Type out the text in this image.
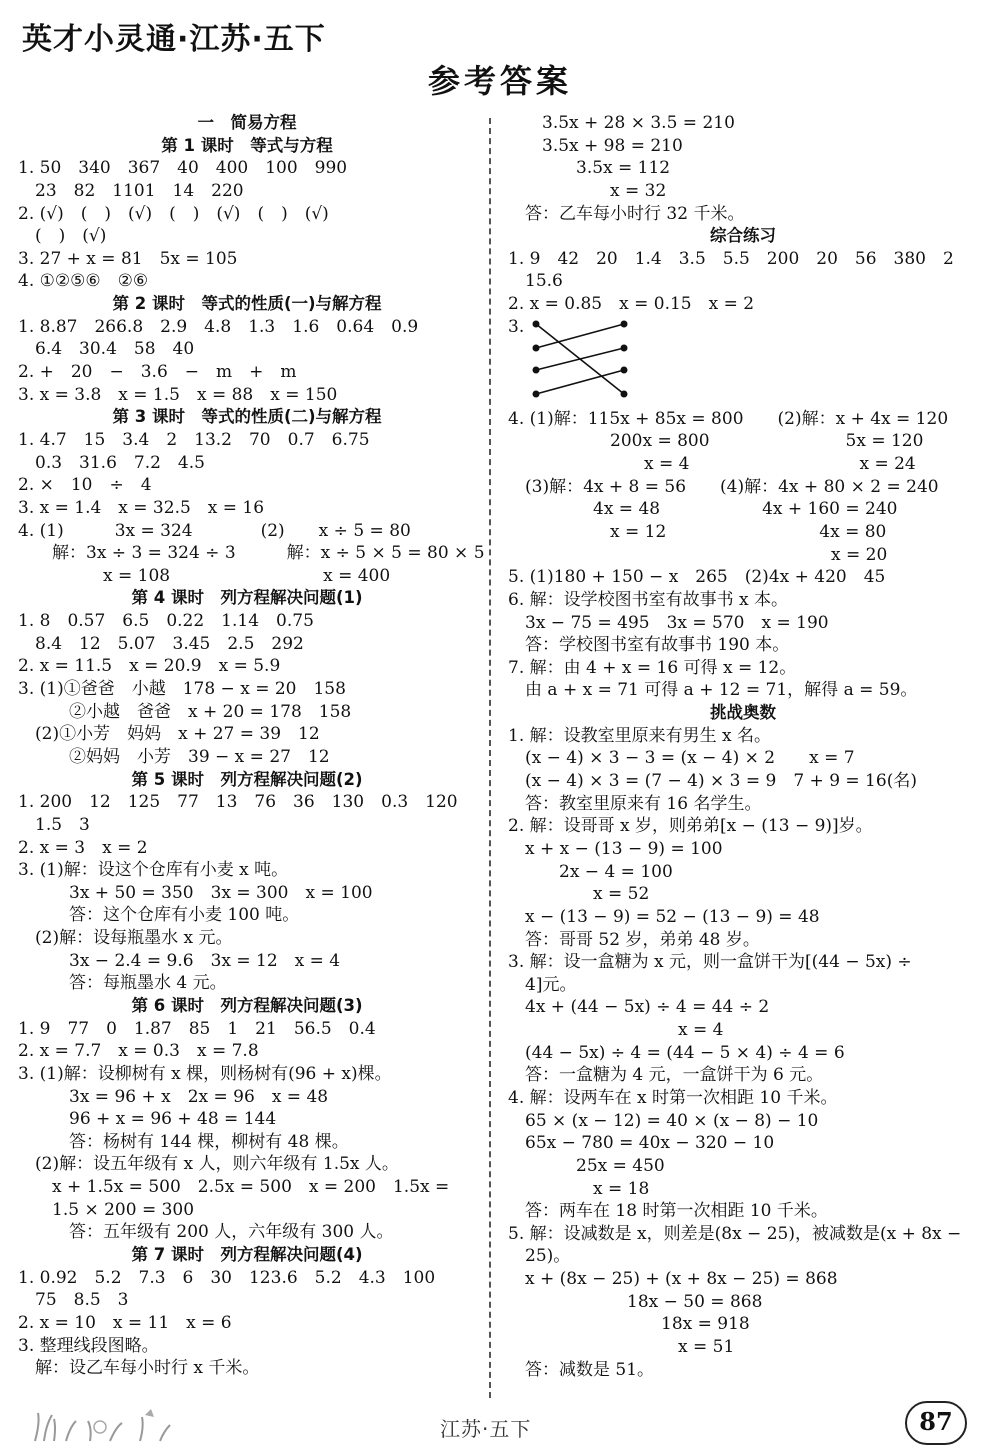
英才小灵通·江苏·五下
参考答案
一　简易方程
第 1 课时　等式与方程
1. 50　340　367　40　400　100　990
　23　82　1101　14　220
2. (√)　(　)　(√)　(　)　(√)　(　)　(√)
　(　)　(√)
3. 27 + x = 81　5x = 105
4. ①②⑤⑥　②⑥
第 2 课时　等式的性质(一)与解方程
1. 8.87　266.8　2.9　4.8　1.3　1.6　0.64　0.9
　6.4　30.4　58　40
2. +　20　−　3.6　−　m　+　m
3. x = 3.8　x = 1.5　x = 88　x = 150
第 3 课时　等式的性质(二)与解方程
1. 4.7　15　3.4　2　13.2　70　0.7　6.75
　0.3　31.6　7.2　4.5
2. ×　10　÷　4
3. x = 1.4　x = 32.5　x = 16
4. (1)　　　3x = 324　　　　(2)　　x ÷ 5 = 80
　　解：3x ÷ 3 = 324 ÷ 3　　　解：x ÷ 5 × 5 = 80 × 5
　　　　　x = 108　　　　　　　　　x = 400
第 4 课时　列方程解决问题(1)
1. 8　0.57　6.5　0.22　1.14　0.75
　8.4　12　5.07　3.45　2.5　292
2. x = 11.5　x = 20.9　x = 5.9
3. (1)①爸爸　小越　178 − x = 20　158
　　　②小越　爸爸　x + 20 = 178　158
　(2)①小芳　妈妈　x + 27 = 39　12
　　　②妈妈　小芳　39 − x = 27　12
第 5 课时　列方程解决问题(2)
1. 200　12　125　77　13　76　36　130　0.3　120
　1.5　3
2. x = 3　x = 2
3. (1)解：设这个仓库有小麦 x 吨。
　　　3x + 50 = 350　3x = 300　x = 100
　　　答：这个仓库有小麦 100 吨。
　(2)解：设每瓶墨水 x 元。
　　　3x − 2.4 = 9.6　3x = 12　x = 4
　　　答：每瓶墨水 4 元。
第 6 课时　列方程解决问题(3)
1. 9　77　0　1.87　85　1　21　56.5　0.4
2. x = 7.7　x = 0.3　x = 7.8
3. (1)解：设柳树有 x 棵，则杨树有(96 + x)棵。
　　　3x = 96 + x　2x = 96　x = 48
　　　96 + x = 96 + 48 = 144
　　　答：杨树有 144 棵，柳树有 48 棵。
　(2)解：设五年级有 x 人，则六年级有 1.5x 人。
　　x + 1.5x = 500　2.5x = 500　x = 200　1.5x =
　　1.5 × 200 = 300
　　　答：五年级有 200 人，六年级有 300 人。
第 7 课时　列方程解决问题(4)
1. 0.92　5.2　7.3　6　30　123.6　5.2　4.3　100
　75　8.5　3
2. x = 10　x = 11　x = 6
3. 整理线段图略。
　解：设乙车每小时行 x 千米。
　　3.5x + 28 × 3.5 = 210
　　3.5x + 98 = 210
　　　　3.5x = 112
　　　　　　x = 32
　答：乙车每小时行 32 千米。
综合练习
1. 9　42　20　1.4　3.5　5.5　200　20　56　380　2
　15.6
2. x = 0.85　x = 0.15　x = 2
3.
4. (1)解：115x + 85x = 800　　(2)解：x + 4x = 120
　　　　　　200x = 800　　　　　　　　5x = 120
　　　　　　　　x = 4　　　　　　　　　　x = 24
　(3)解：4x + 8 = 56　　(4)解：4x + 80 × 2 = 240
　　　　　4x = 48　　　　　　4x + 160 = 240
　　　　　　x = 12　　　　　　　　　4x = 80
　　　　　　　　　　　　　　　　　　　x = 20
5. (1)180 + 150 − x　265　(2)4x + 420　45
6. 解：设学校图书室有故事书 x 本。
　3x − 75 = 495　3x = 570　x = 190
　答：学校图书室有故事书 190 本。
7. 解：由 4 + x = 16 可得 x = 12。
　由 a + x = 71 可得 a + 12 = 71，解得 a = 59。
挑战奥数
1. 解：设教室里原来有男生 x 名。
　(x − 4) × 3 − 3 = (x − 4) × 2　　x = 7
　(x − 4) × 3 = (7 − 4) × 3 = 9　7 + 9 = 16(名)
　答：教室里原来有 16 名学生。
2. 解：设哥哥 x 岁，则弟弟[x − (13 − 9)]岁。
　x + x − (13 − 9) = 100
　　　2x − 4 = 100
　　　　　x = 52
　x − (13 − 9) = 52 − (13 − 9) = 48
　答：哥哥 52 岁，弟弟 48 岁。
3. 解：设一盒糖为 x 元，则一盒饼干为[(44 − 5x) ÷
　4]元。
　4x + (44 − 5x) ÷ 4 = 44 ÷ 2
　　　　　　　　　　x = 4
　(44 − 5x) ÷ 4 = (44 − 5 × 4) ÷ 4 = 6
　答：一盒糖为 4 元，一盒饼干为 6 元。
4. 解：设两车在 x 时第一次相距 10 千米。
　65 × (x − 12) = 40 × (x − 8) − 10
　65x − 780 = 40x − 320 − 10
　　　　25x = 450
　　　　　x = 18
　答：两车在 18 时第一次相距 10 千米。
5. 解：设减数是 x，则差是(8x − 25)，被减数是(x + 8x −
　25)。
　x + (8x − 25) + (x + 8x − 25) = 868
　　　　　　　18x − 50 = 868
　　　　　　　　　18x = 918
　　　　　　　　　　x = 51
　答：减数是 51。
江苏·五下	87
